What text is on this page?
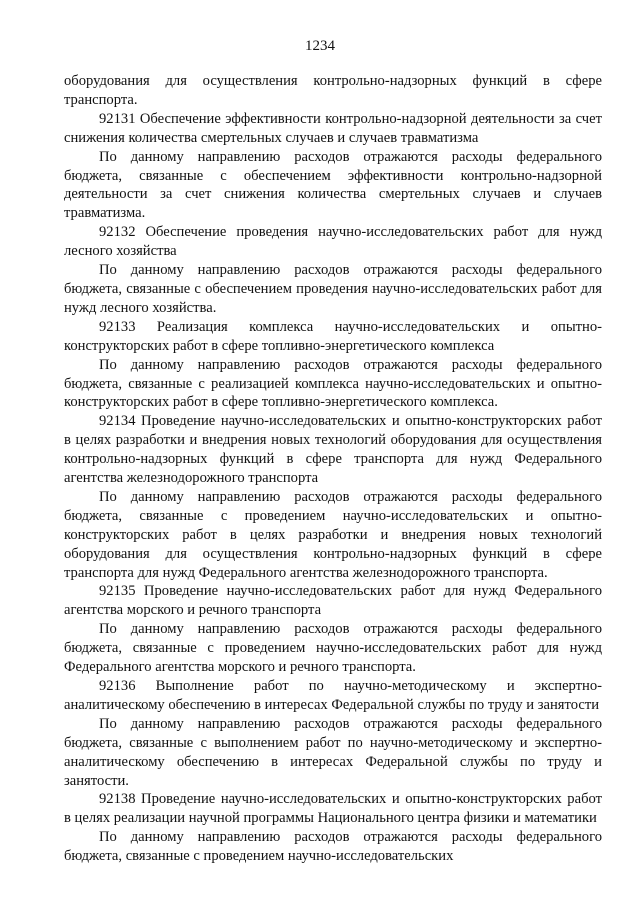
1234

оборудования для осуществления контрольно-надзорных функций в сфере транспорта.

92131 Обеспечение эффективности контрольно-надзорной деятельности за счет снижения количества смертельных случаев и случаев травматизма

По данному направлению расходов отражаются расходы федерального бюджета, связанные с обеспечением эффективности контрольно-надзорной деятельности за счет снижения количества смертельных случаев и случаев травматизма.

92132 Обеспечение проведения научно-исследовательских работ для нужд лесного хозяйства

По данному направлению расходов отражаются расходы федерального бюджета, связанные с обеспечением проведения научно-исследовательских работ для нужд лесного хозяйства.

92133 Реализация комплекса научно-исследовательских и опытно-конструкторских работ в сфере топливно-энергетического комплекса

По данному направлению расходов отражаются расходы федерального бюджета, связанные с реализацией комплекса научно-исследовательских и опытно-конструкторских работ в сфере топливно-энергетического комплекса.

92134 Проведение научно-исследовательских и опытно-конструкторских работ в целях разработки и внедрения новых технологий оборудования для осуществления контрольно-надзорных функций в сфере транспорта для нужд Федерального агентства железнодорожного транспорта

По данному направлению расходов отражаются расходы федерального бюджета, связанные с проведением научно-исследовательских и опытно-конструкторских работ в целях разработки и внедрения новых технологий оборудования для осуществления контрольно-надзорных функций в сфере транспорта для нужд Федерального агентства железнодорожного транспорта.

92135 Проведение научно-исследовательских работ для нужд Федерального агентства морского и речного транспорта

По данному направлению расходов отражаются расходы федерального бюджета, связанные с проведением научно-исследовательских работ для нужд Федерального агентства морского и речного транспорта.

92136 Выполнение работ по научно-методическому и экспертно-аналитическому обеспечению в интересах Федеральной службы по труду и занятости

По данному направлению расходов отражаются расходы федерального бюджета, связанные с выполнением работ по научно-методическому и экспертно-аналитическому обеспечению в интересах Федеральной службы по труду и занятости.

92138 Проведение научно-исследовательских и опытно-конструкторских работ в целях реализации научной программы Национального центра физики и математики

По данному направлению расходов отражаются расходы федерального бюджета, связанные с проведением научно-исследовательских
